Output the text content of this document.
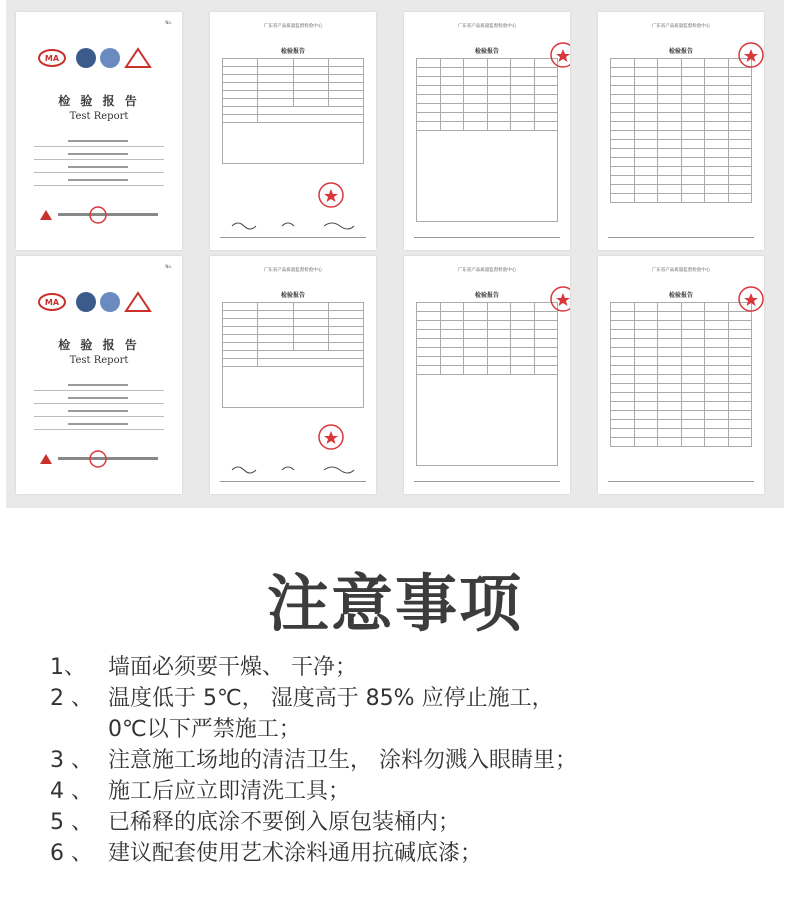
No.
MA
检 验 报 告
Test Report
广东省产品质量监督检验中心
检验报告

广东省产品质量监督检验中心
检验报告

广东省产品质量监督检验中心
检验报告

No.
MA
检 验 报 告
Test Report
广东省产品质量监督检验中心
检验报告

广东省产品质量监督检验中心
检验报告

广东省产品质量监督检验中心
检验报告

注意事项
1、 墙面必须要干燥、 干净；
2 、 温度低于 5℃， 湿度高于 85% 应停止施工，
0℃以下严禁施工；
3 、 注意施工场地的清洁卫生， 涂料勿溅入眼睛里；
4 、 施工后应立即清洗工具；
5 、 已稀释的底涂不要倒入原包装桶内；
6 、 建议配套使用艺术涂料通用抗碱底漆；
